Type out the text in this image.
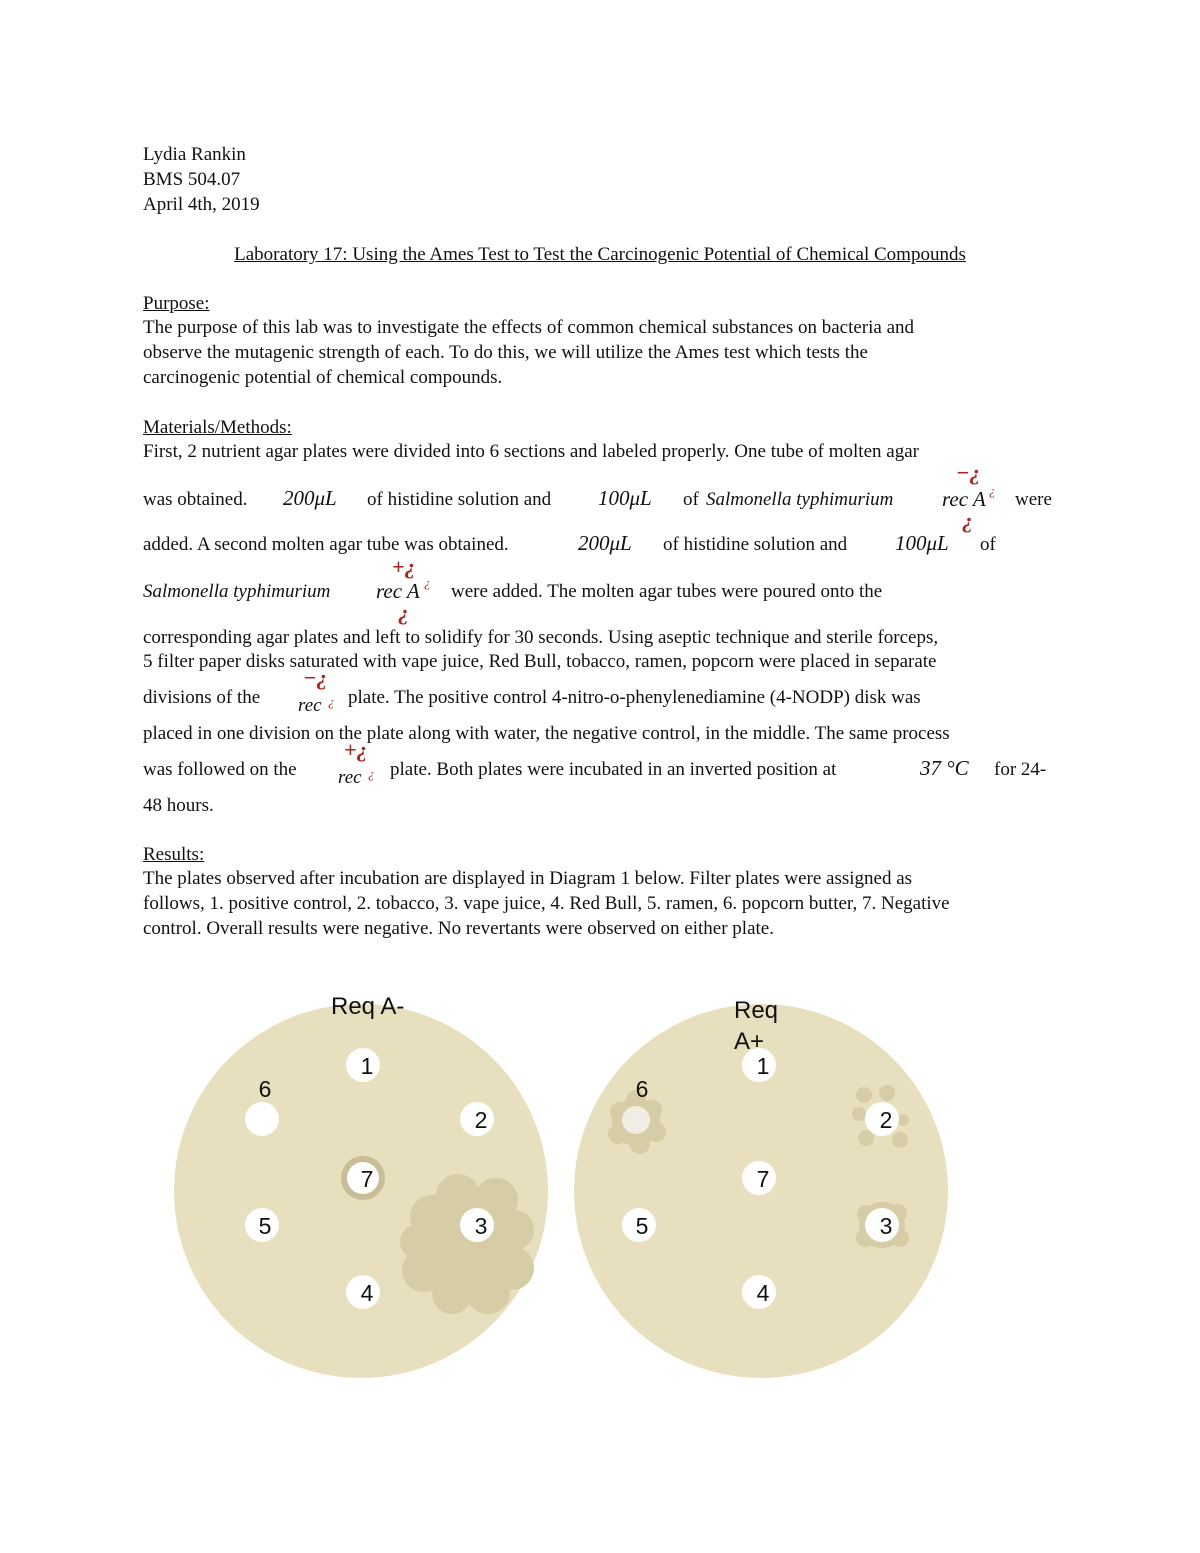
Lydia Rankin
BMS 504.07
April 4th, 2019
Laboratory 17: Using the Ames Test to Test the Carcinogenic Potential of Chemical Compounds
Purpose:
The purpose of this lab was to investigate the effects of common chemical substances on bacteria and
observe the mutagenic strength of each. To do this, we will utilize the Ames test which tests the
carcinogenic potential of chemical compounds.
Materials/Methods:
First, 2 nutrient agar plates were divided into 6 sections and labeled properly. One tube of molten agar
was obtained. 200μL of histidine solution and 100μL of Salmonella typhimurium
−¿
rec A ¿
¿
were
added. A second molten agar tube was obtained.	200μL of histidine solution and 100μL of
+¿
Salmonella typhimurium rec A ¿
¿
were added. The molten agar tubes were poured onto the
corresponding agar plates and left to solidify for 30 seconds. Using aseptic technique and sterile forceps,
5 filter paper disks saturated with vape juice, Red Bull, tobacco, ramen, popcorn were placed in separate
divisions of the
−¿
rec ¿ plate. The positive control 4-nitro-o-phenylenediamine (4-NODP) disk was
placed in one division on the plate along with water, the negative control, in the middle. The same process
was followed on the
+¿
rec ¿ plate. Both plates were incubated in an inverted position at	37 °C for 24-
48 hours.
Results:
The plates observed after incubation are displayed in Diagram 1 below. Filter plates were assigned as
follows, 1. positive control, 2. tobacco, 3. vape juice, 4. Red Bull, 5. ramen, 6. popcorn butter, 7. Negative
control. Overall results were negative. No revertants were observed on either plate.
Req A-
1
2
3
4
5
6
7
Req
A+
1
2
3
4
5
6
7
